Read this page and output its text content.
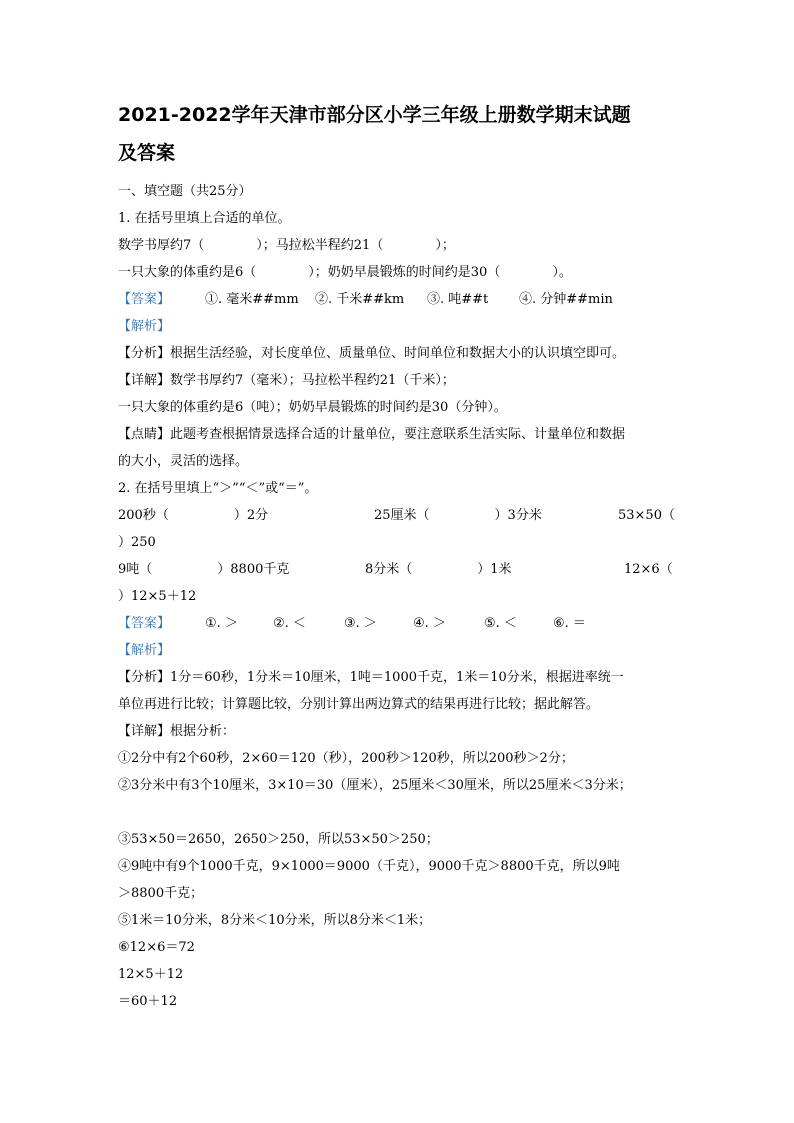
2021-2022学年天津市部分区小学三年级上册数学期末试题
及答案
一、填空题（共25分）
1. 在括号里填上合适的单位。
数学书厚约7（　　　　）；马拉松半程约21（　　　　）；
一只大象的体重约是6（　　　　）；奶奶早晨锻炼的时间约是30（　　　　）。
【答案】	①. 毫米##mm ②. 千米##km ③. 吨##t ④. 分钟##min
【解析】
【分析】根据生活经验，对长度单位、质量单位、时间单位和数据大小的认识填空即可。
【详解】数学书厚约7（毫米）；马拉松半程约21（千米）；
一只大象的体重约是6（吨）；奶奶早晨锻炼的时间约是30（分钟）。
【点睛】此题考查根据情景选择合适的计量单位，要注意联系生活实际、计量单位和数据
的大小，灵活的选择。
2. 在括号里填上“＞”“＜”或“＝”。
200秒（　　　　　）2分	25厘米（　　　　　）3分米	53×50（
）250
9吨（　　　　　）8800千克	8分米（　　　　　）1米	12×6（
）12×5＋12
【答案】	①. ＞	②. ＜	③. ＞	④. ＞	⑤. ＜	⑥. ＝
【解析】
【分析】1分＝60秒，1分米＝10厘米，1吨＝1000千克，1米＝10分米，根据进率统一
单位再进行比较；计算题比较，分别计算出两边算式的结果再进行比较；据此解答。
【详解】根据分析：
①2分中有2个60秒，2×60＝120（秒），200秒＞120秒，所以200秒＞2分；
②3分米中有3个10厘米，3×10＝30（厘米），25厘米＜30厘米，所以25厘米＜3分米；
③53×50＝2650，2650＞250，所以53×50＞250；
④9吨中有9个1000千克，9×1000＝9000（千克），9000千克＞8800千克，所以9吨
＞8800千克；
⑤1米＝10分米，8分米＜10分米，所以8分米＜1米；
⑥12×6＝72
12×5＋12
＝60＋12
